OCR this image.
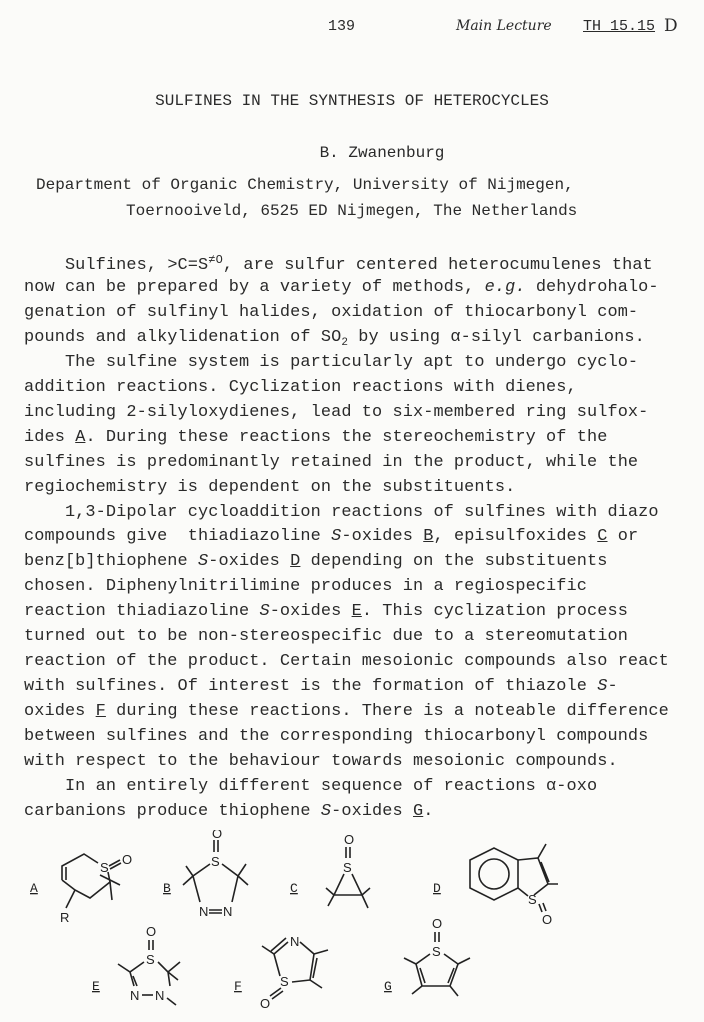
139	Main Lecture TH 15.15 D
SULFINES IN THE SYNTHESIS OF HETEROCYCLES
B. Zwanenburg
Department of Organic Chemistry, University of Nijmegen,
Toernooiveld, 6525 ED Nijmegen, The Netherlands
Sulfines, $>C=S^{\ne O}$, are sulfur centered heterocumulenes that
now can be prepared by a variety of methods, e.g. dehydrohalo-
genation of sulfinyl halides, oxidation of thiocarbonyl com-
pounds and alkylidenation of $SO_2$ by using α-silyl carbanions.
The sulfine system is particularly apt to undergo cyclo-
addition reactions. Cyclization reactions with dienes,
including 2-silyloxydienes, lead to six-membered ring sulfox-
ides A. During these reactions the stereochemistry of the
sulfines is predominantly retained in the product, while the
regiochemistry is dependent on the substituents.
1,3-Dipolar cycloaddition reactions of sulfines with diazo
compounds give  thiadiazoline S-oxides B, episulfoxides C or
benz[b]thiophene S-oxides D depending on the substituents
chosen. Diphenylnitrilimine produces in a regiospecific
reaction thiadiazoline S-oxides E. This cyclization process
turned out to be non-stereospecific due to a stereomutation
reaction of the product. Certain mesoionic compounds also react
with sulfines. Of interest is the formation of thiazole S-
oxides F during these reactions. There is a noteable difference
between sulfines and the corresponding thiocarbonyl compounds
with respect to the behaviour towards mesoionic compounds.
In an entirely different sequence of reactions α-oxo
carbanions produce thiophene S-oxides G.
A
S
O
R
B
O
S
N N
C
O
S
D
S
O
E
O
S
N N
F
N
S
O
G
O
S
